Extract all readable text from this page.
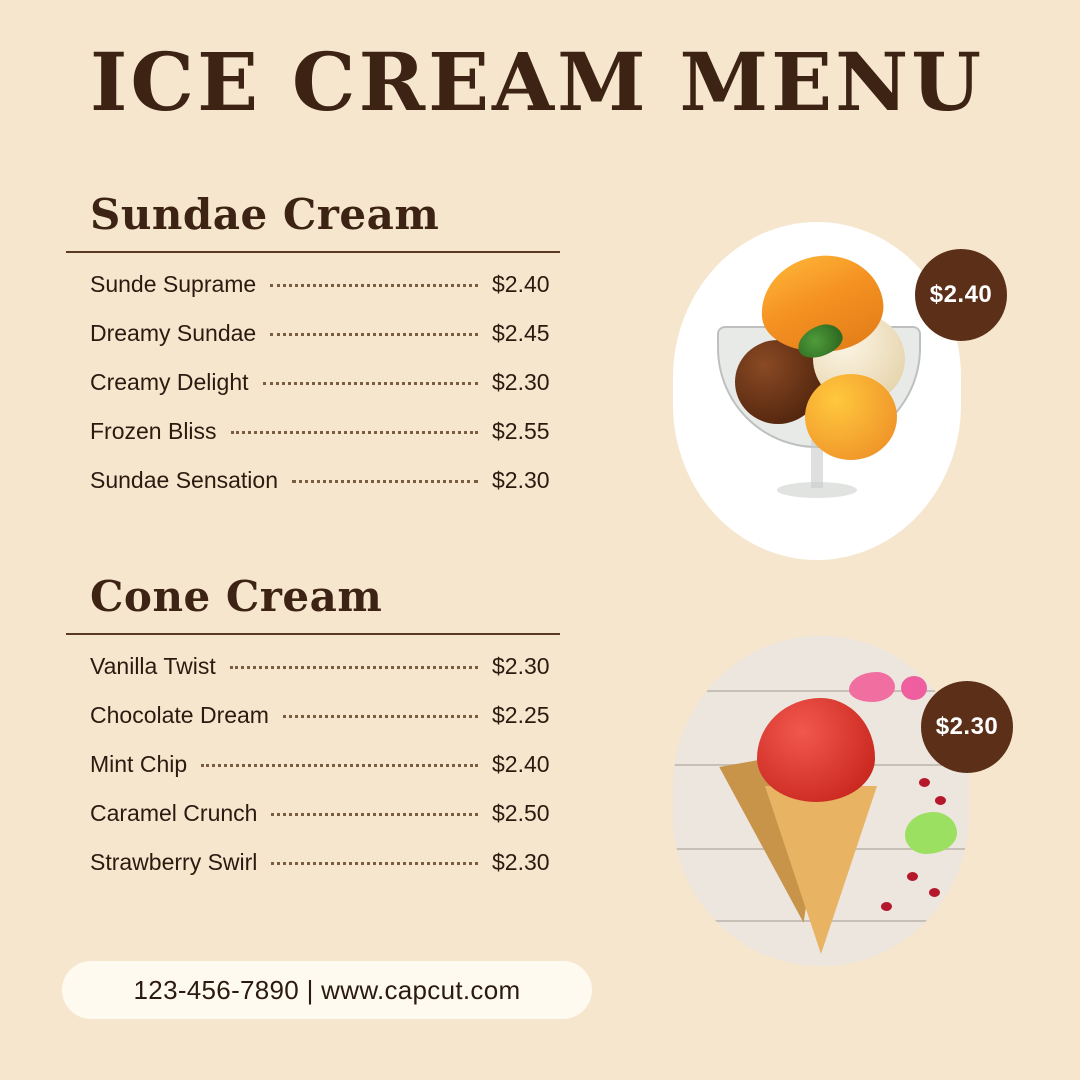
ICE CREAM MENU
Sundae Cream
Sunde Suprame	$2.40
Dreamy Sundae	$2.45
Creamy Delight	$2.30
Frozen Bliss	$2.55
Sundae Sensation	$2.30
Cone Cream
Vanilla Twist	$2.30
Chocolate Dream	$2.25
Mint Chip	$2.40
Caramel Crunch	$2.50
Strawberry Swirl	$2.30
$2.40
$2.30
123-456-7890 | www.capcut.com
